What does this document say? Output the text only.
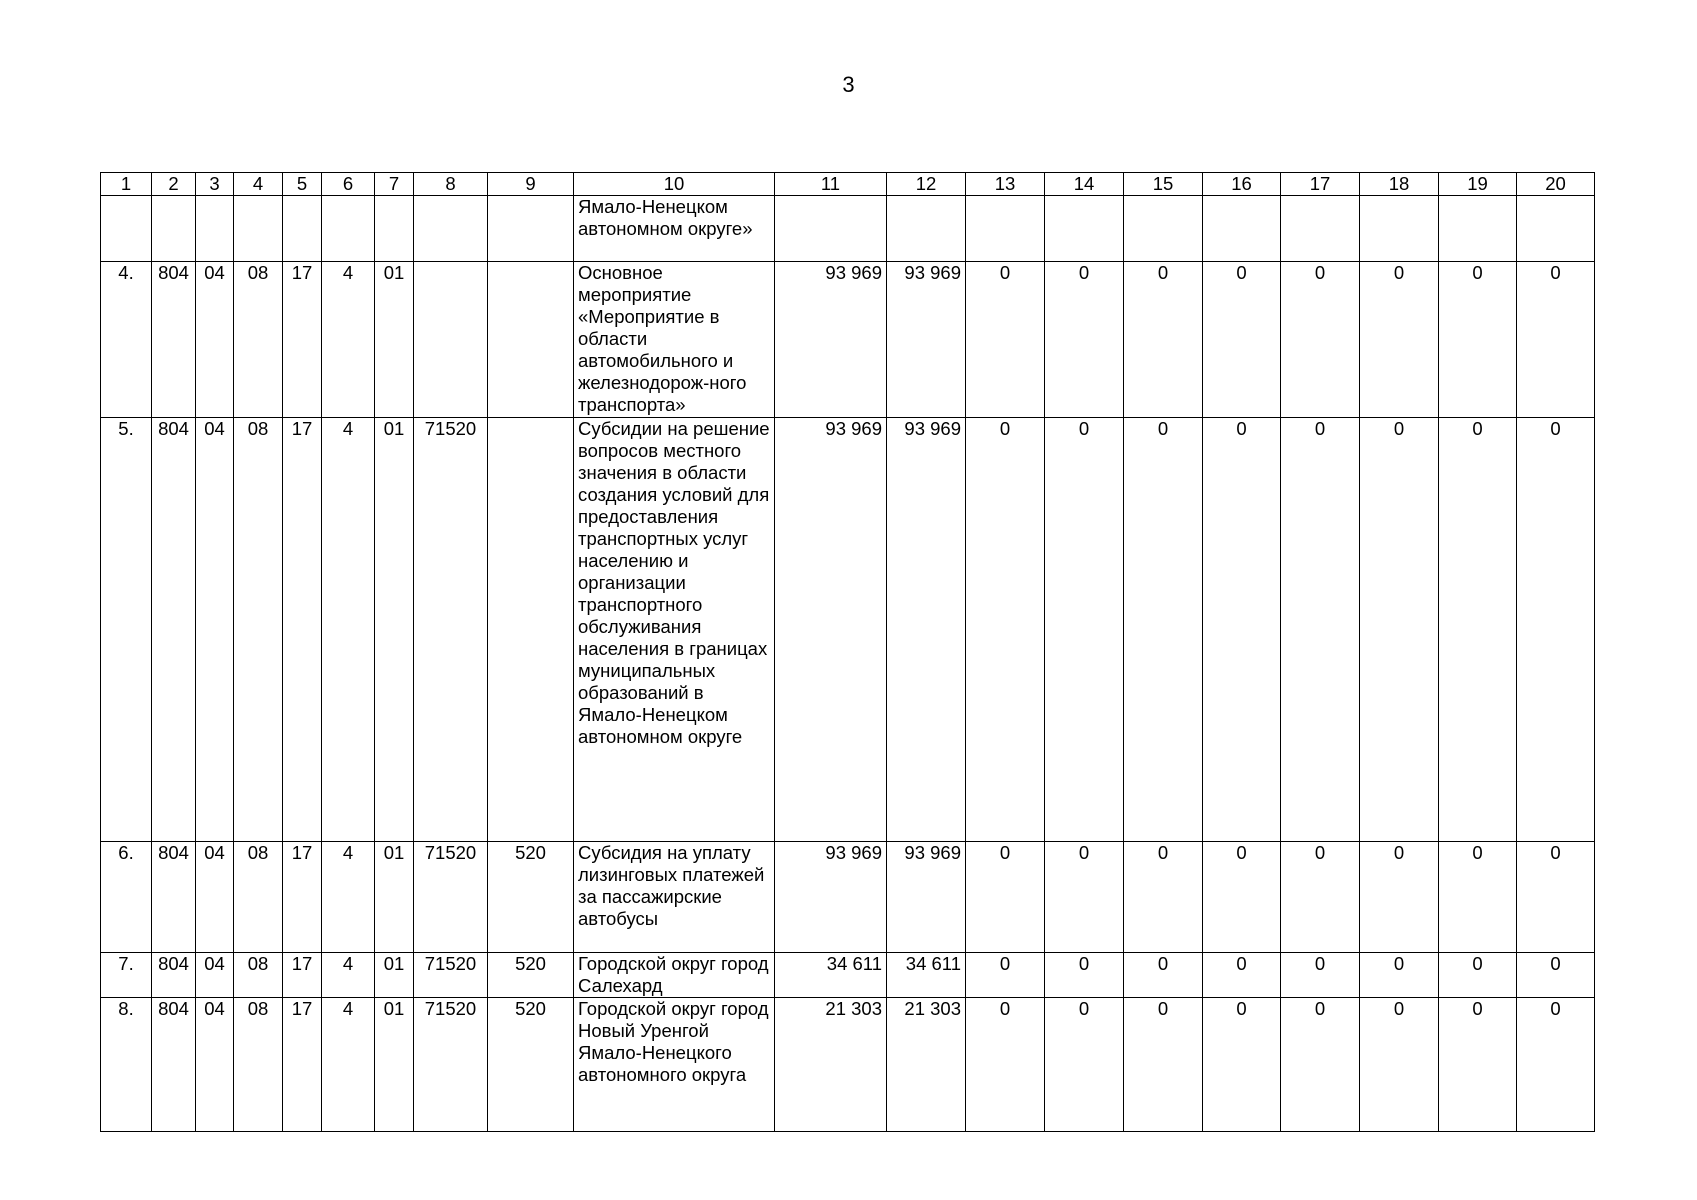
3
1	2	3	4	5	6	7	8	9	10	11	12	13	14	15	16	17	18	19	20
									Ямало-Ненецком автономном округе»										
4.	804	04	08	17	4	01			Основное мероприятие «Мероприятие в области автомобильного и железнодорож-ного транспорта»	93 969	93 969	0	0	0	0	0	0	0	0
5.	804	04	08	17	4	01	71520		Субсидии на решение вопросов местного значения в области создания условий для предоставления транспортных услуг населению и организации транспортного обслуживания населения в границах муниципальных образований в Ямало-Ненецком автономном округе	93 969	93 969	0	0	0	0	0	0	0	0
6.	804	04	08	17	4	01	71520	520	Субсидия на уплату лизинговых платежей за пассажирские автобусы	93 969	93 969	0	0	0	0	0	0	0	0
7.	804	04	08	17	4	01	71520	520	Городской округ город Салехард	34 611	34 611	0	0	0	0	0	0	0	0
8.	804	04	08	17	4	01	71520	520	Городской округ город Новый Уренгой Ямало-Ненецкого автономного округа	21 303	21 303	0	0	0	0	0	0	0	0
